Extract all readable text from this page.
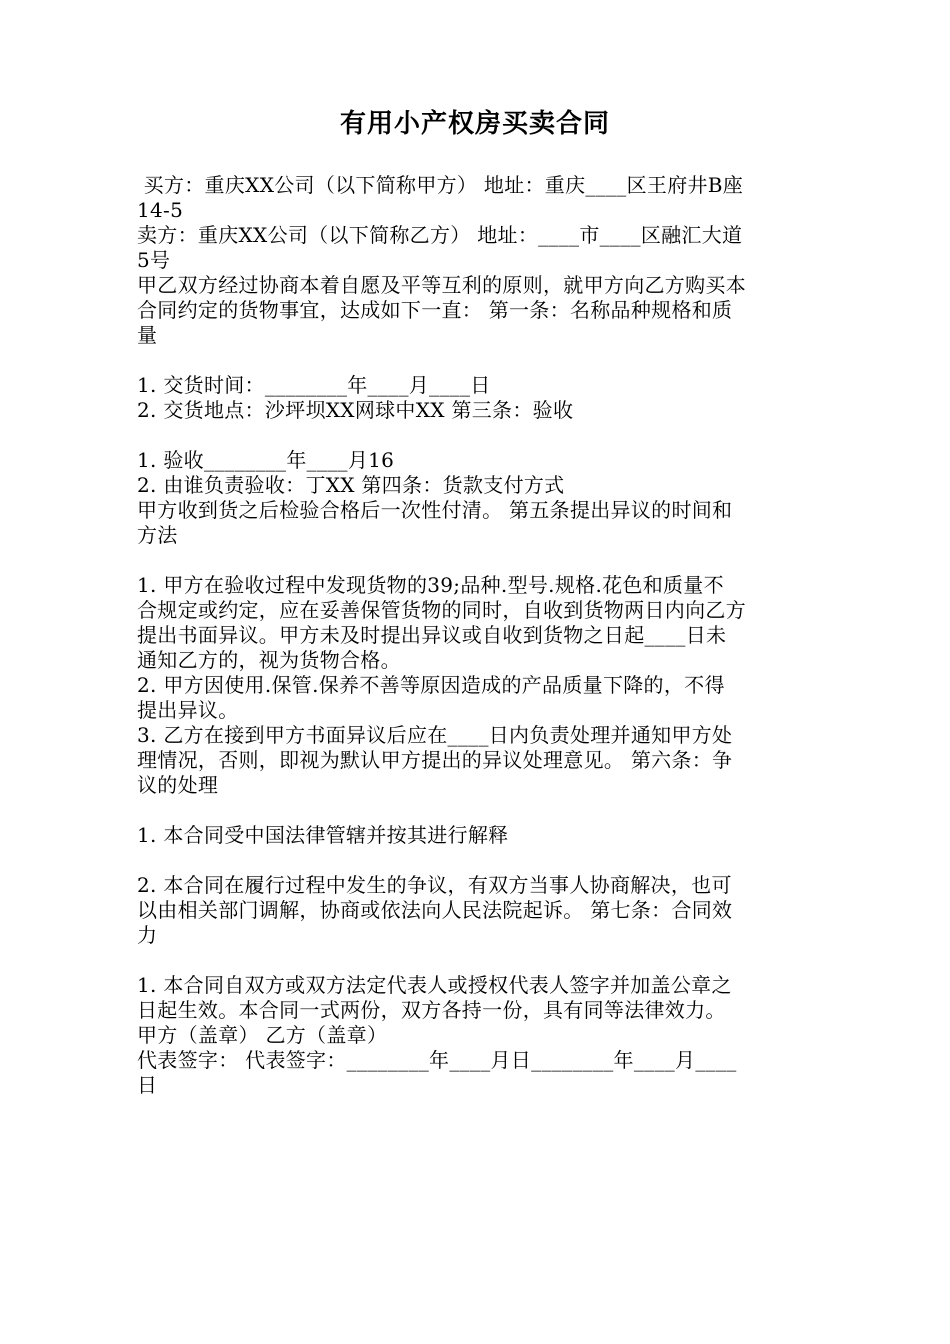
有用小产权房买卖合同
买方：重庆XX公司（以下简称甲方） 地址：重庆____区王府井B座
14-5
卖方：重庆XX公司（以下简称乙方） 地址：____市____区融汇大道
5号
甲乙双方经过协商本着自愿及平等互利的原则，就甲方向乙方购买本
合同约定的货物事宜，达成如下一直： 第一条：名称品种规格和质
量
1. 交货时间：________年____月____日
2. 交货地点：沙坪坝XX网球中XX 第三条：验收
1. 验收________年____月16
2. 由谁负责验收：丁XX 第四条：货款支付方式
甲方收到货之后检验合格后一次性付清。 第五条提出异议的时间和
方法
1. 甲方在验收过程中发现货物的39;品种.型号.规格.花色和质量不
合规定或约定，应在妥善保管货物的同时，自收到货物两日内向乙方
提出书面异议。甲方未及时提出异议或自收到货物之日起____日未
通知乙方的，视为货物合格。
2. 甲方因使用.保管.保养不善等原因造成的产品质量下降的，不得
提出异议。
3. 乙方在接到甲方书面异议后应在____日内负责处理并通知甲方处
理情况，否则，即视为默认甲方提出的异议处理意见。 第六条：争
议的处理
1. 本合同受中国法律管辖并按其进行解释
2. 本合同在履行过程中发生的争议，有双方当事人协商解决，也可
以由相关部门调解，协商或依法向人民法院起诉。 第七条：合同效
力
1. 本合同自双方或双方法定代表人或授权代表人签字并加盖公章之
日起生效。本合同一式两份，双方各持一份，具有同等法律效力。
甲方（盖章） 乙方（盖章）
代表签字： 代表签字：________年____月日________年____月____
日
